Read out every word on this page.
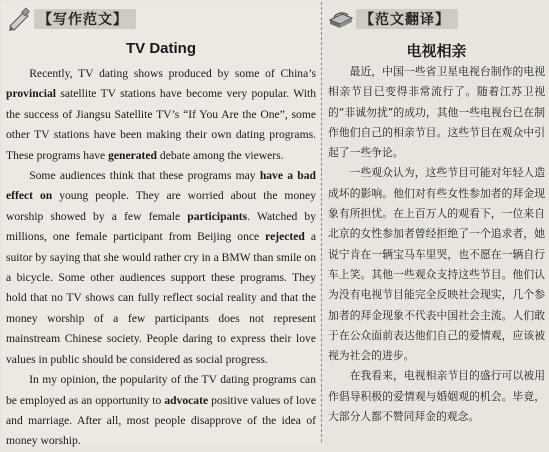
【写作范文】
TV Dating

Recently, TV dating shows produced by some of China’s provincial satellite TV stations have become very popular. With the success of Jiangsu Satellite TV’s “If You Are the One”, some other TV stations have been making their own dating programs. These programs have generated debate among the viewers.

Some audiences think that these programs may have a bad effect on young people. They are worried about the money worship showed by a few female participants. Watched by millions, one female participant from Beijing once rejected a suitor by saying that she would rather cry in a BMW than smile on a bicycle. Some other audiences support these programs. They hold that no TV shows can fully reflect social reality and that the money worship of a few participants does not represent mainstream Chinese society. People daring to express their love values in public should be considered as social progress.

In my opinion, the popularity of the TV dating programs can be employed as an opportunity to advocate positive values of love and marriage. After all, most people disapprove of the idea of money worship.

【范文翻译】
电视相亲

最近，中国一些省卫星电视台制作的电视相亲节目已变得非常流行了。随着江苏卫视的“非诚勿扰”的成功，其他一些电视台已在制作他们自己的相亲节目。这些节目在观众中引起了一些争论。

一些观众认为，这些节目可能对年轻人造成坏的影响。他们对有些女性参加者的拜金现象有所担忧。在上百万人的观看下，一位来自北京的女性参加者曾经拒绝了一个追求者，她说宁肯在一辆宝马车里哭，也不愿在一辆自行车上笑。其他一些观众支持这些节目。他们认为没有电视节目能完全反映社会现实，几个参加者的拜金现象不代表中国社会主流。人们敢于在公众面前表达他们自己的爱情观，应该被视为社会的进步。

在我看来，电视相亲节目的盛行可以被用作倡导积极的爱情观与婚姻观的机会。毕竟，大部分人都不赞同拜金的观念。
